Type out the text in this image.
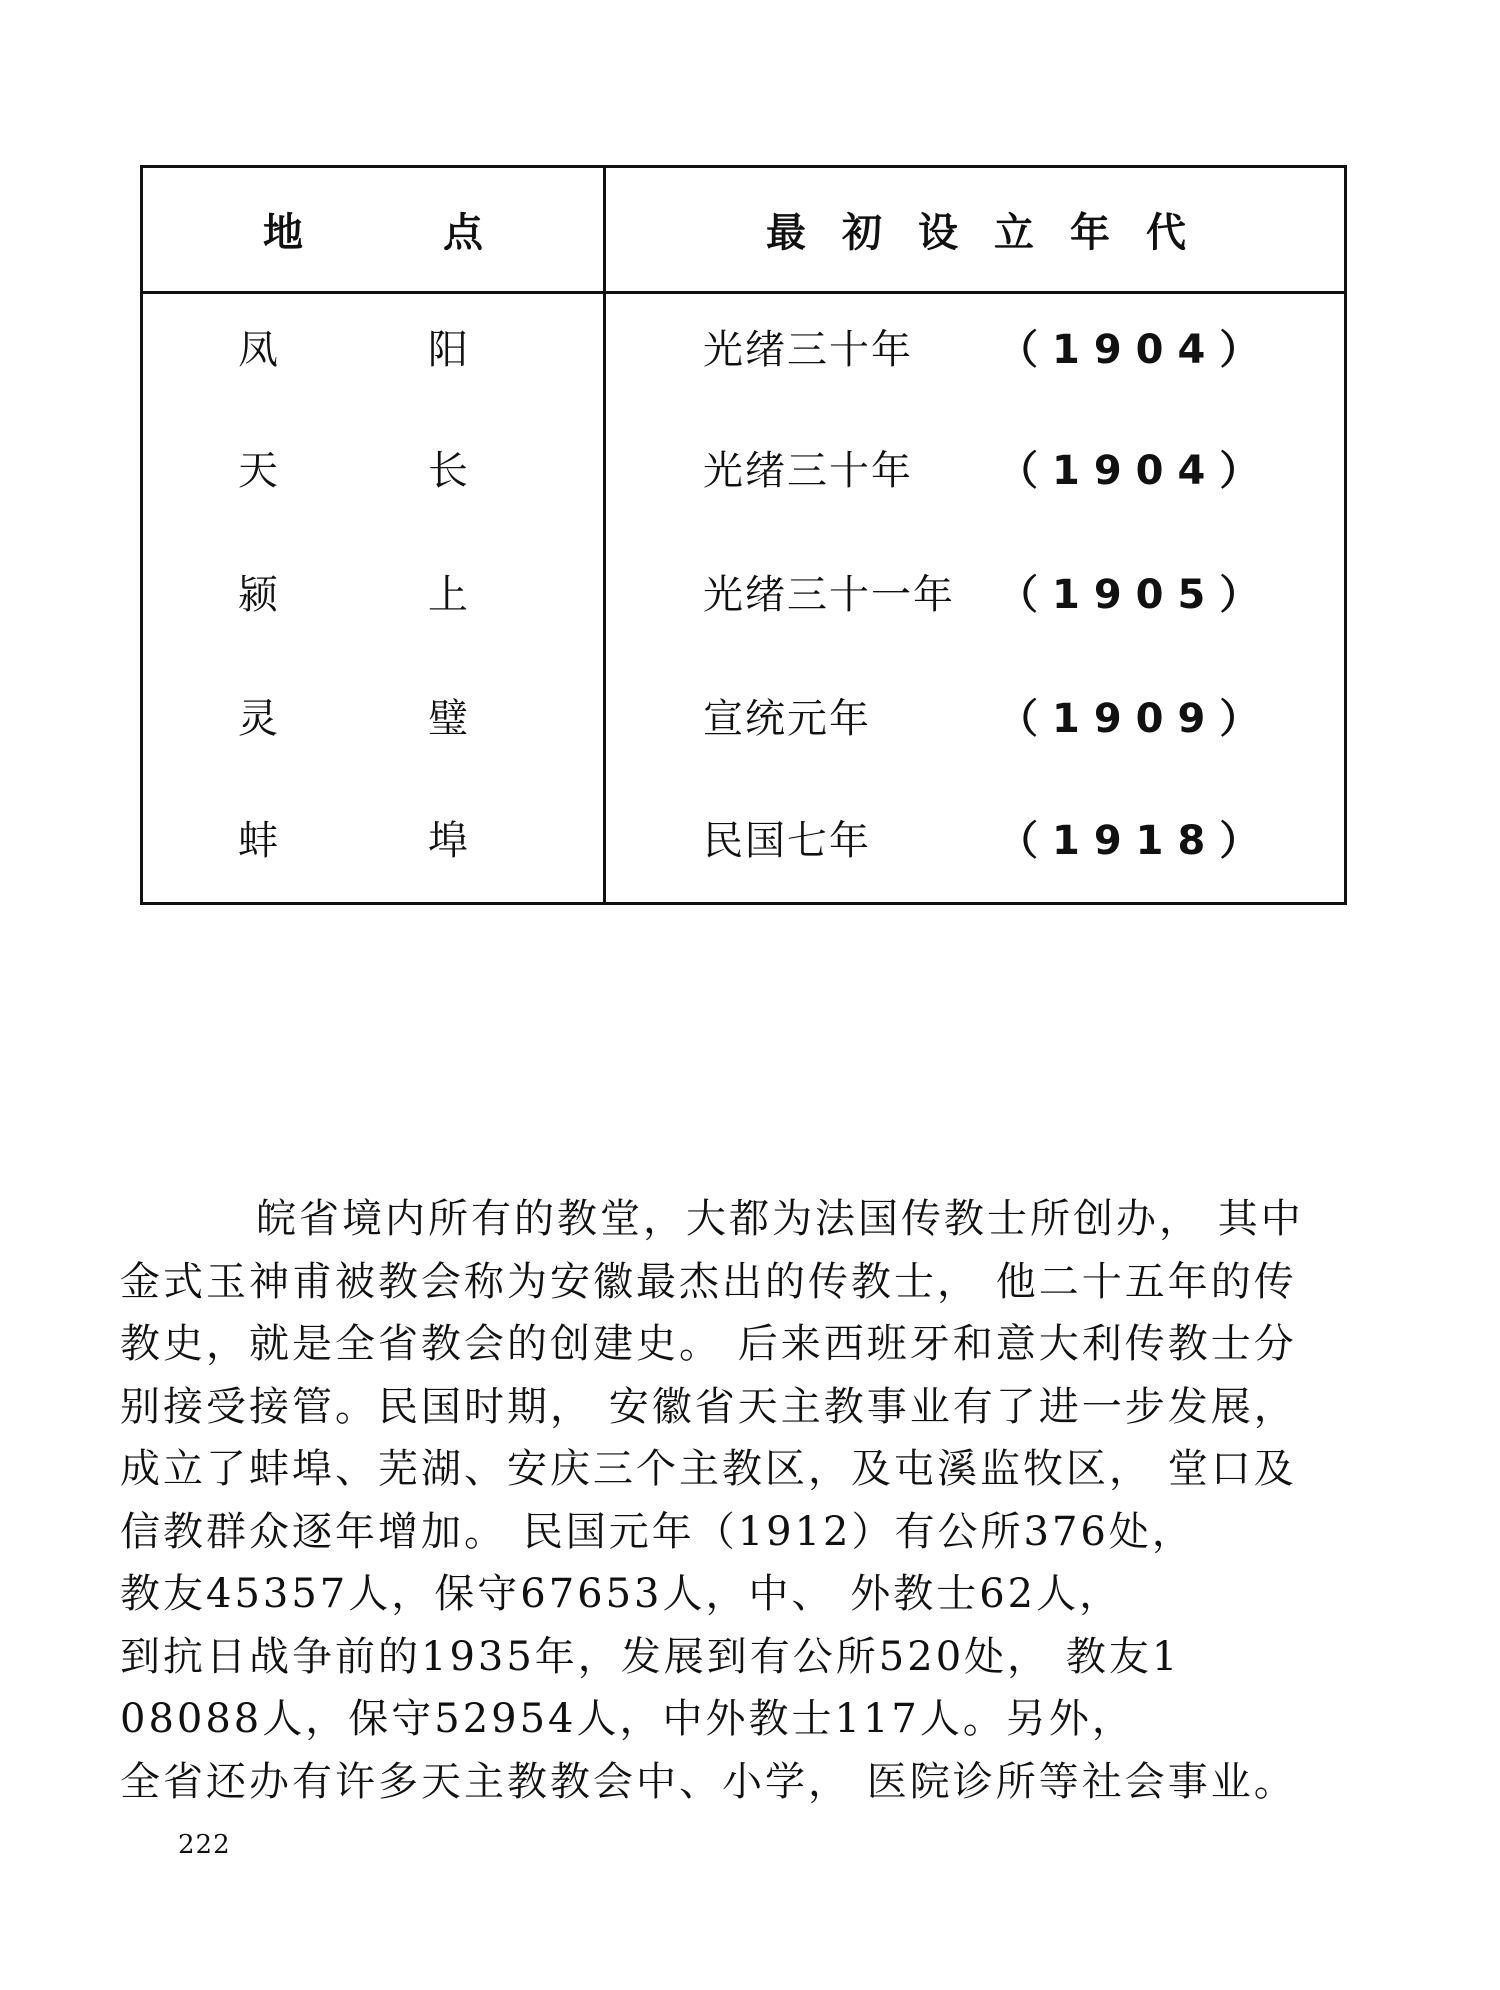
地点	最初设立年代
凤	阳	光绪三十年 （1904）
天	长	光绪三十年 （1904）
颍	上	光绪三十一年 （1905）
灵	璧	宣统元年	（1909）
蚌	埠	民国七年	（1918）
皖省境内所有的教堂，大都为法国传教士所创办， 其中
金式玉神甫被教会称为安徽最杰出的传教士， 他二十五年的传
教史，就是全省教会的创建史。 后来西班牙和意大利传教士分
别接受接管。民国时期， 安徽省天主教事业有了进一步发展，
成立了蚌埠、芜湖、安庆三个主教区，及屯溪监牧区， 堂口及
信教群众逐年增加。 民国元年（1912）有公所376处，
教友45357人，保守67653人，中、 外教士62人，
到抗日战争前的1935年，发展到有公所520处， 教友1
08088人，保守52954人，中外教士117人。另外，
全省还办有许多天主教教会中、小学， 医院诊所等社会事业。
222
